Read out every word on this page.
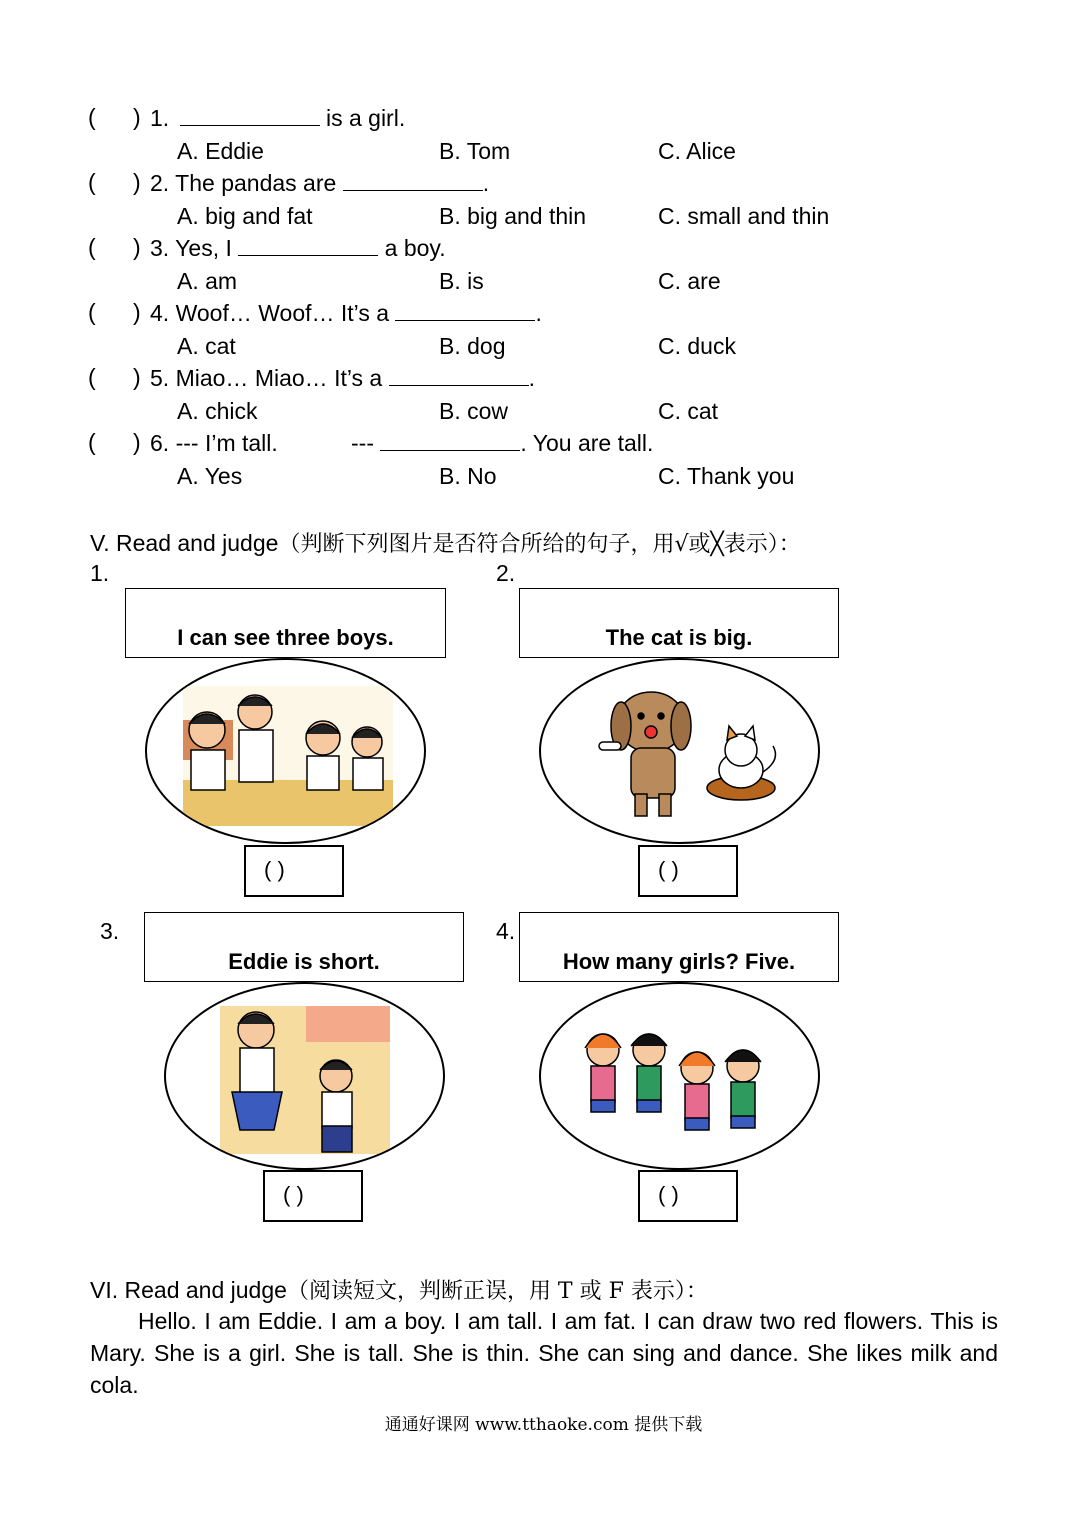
( ) 1.	is a girl.
A. Eddie	B. Tom	C. Alice
( ) 2. The pandas are	.
A. big and fat	B. big and thin	C. small and thin
( ) 3. Yes, I	a boy.
A. am	B. is	C. are
( ) 4. Woof… Woof… It’s a	.
A. cat	B. dog	C. duck
( ) 5. Miao… Miao… It’s a	.
A. chick	B. cow	C. cat
( ) 6. --- I’m tall.	---	. You are tall.
A. Yes	B. No	C. Thank you
V. Read and judge（判断下列图片是否符合所给的句子，用√或╳表示）：
1.
I can see three boys.
( )
2.
The cat is big.
( )
3.
Eddie is short.
( )
4.
How many girls? Five.
( )
VI. Read and judge（阅读短文，判断正误，用 T 或 F 表示）：
Hello. I am Eddie. I am a boy. I am tall. I am fat. I can draw two red flowers. This is Mary. She is a girl. She is tall. She is thin. She can sing and dance. She likes milk and cola.
通通好课网 www.tthaoke.com 提供下载
